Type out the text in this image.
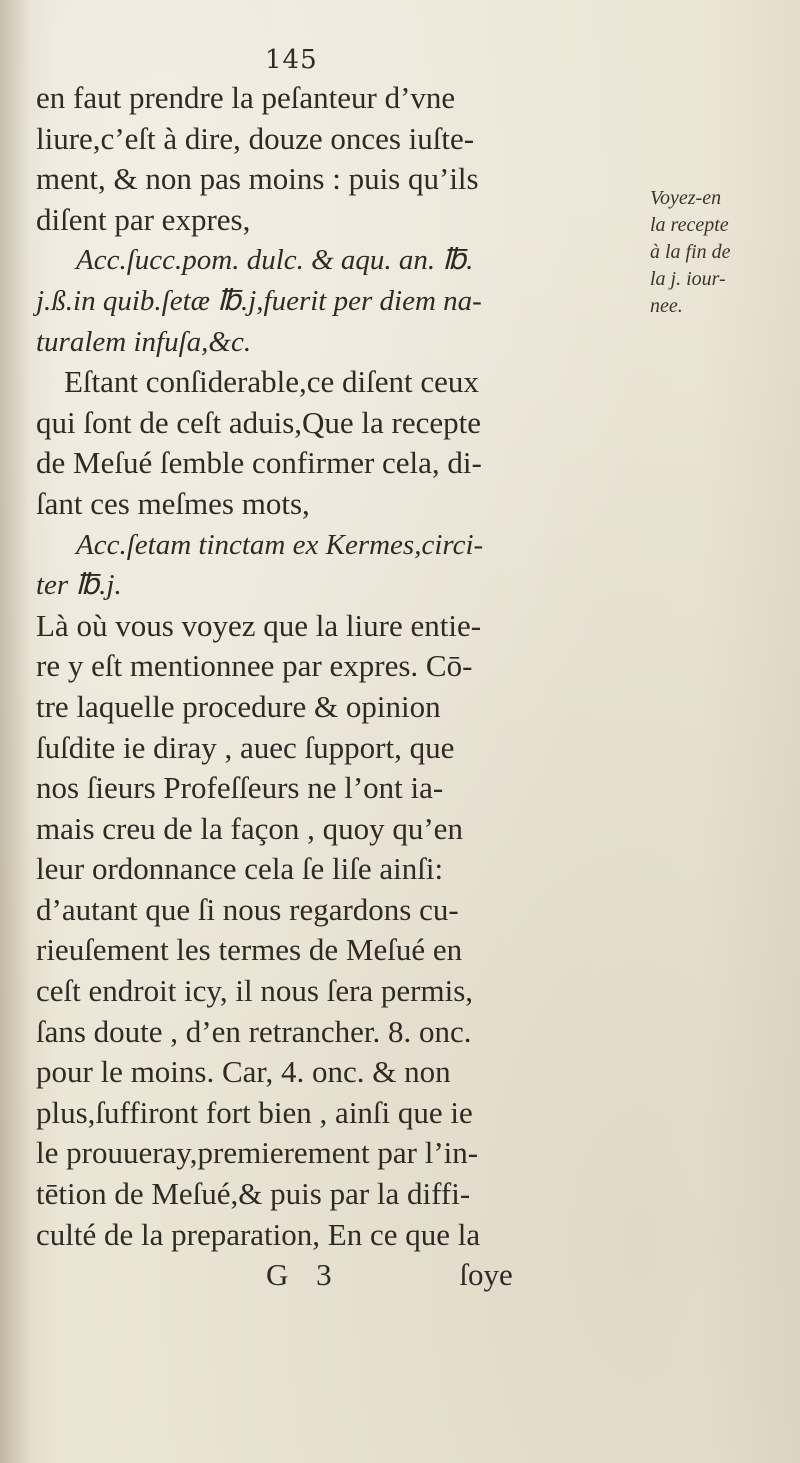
145
en faut prendre la peſanteur d’vne
liure,c’eſt à dire, douze onces iuſte-
ment, & non pas moins : puis qu’ils
diſent par expres,
Acc.ſucc.pom. dulc. & aqu. an. ℔.
j.ß.in quib.ſetæ ℔.j,fuerit per diem na-
turalem infuſa,&c.
Eſtant conſiderable,ce diſent ceux
qui ſont de ceſt aduis,Que la recepte
de Meſué ſemble confirmer cela, di-
ſant ces meſmes mots,
Acc.ſetam tinctam ex Kermes,circi-
ter ℔.j.
Là où vous voyez que la liure entie-
re y eſt mentionnee par expres. Cō-
tre laquelle procedure & opinion
ſuſdite ie diray , auec ſupport, que
nos ſieurs Profeſſeurs ne l’ont ia-
mais creu de la façon , quoy qu’en
leur ordonnance cela ſe liſe ainſi:
d’autant que ſi nous regardons cu-
rieuſement les termes de Meſué en
ceſt endroit icy, il nous ſera permis,
ſans doute , d’en retrancher. 8. onc.
pour le moins. Car, 4. onc. & non
plus,ſuffiront fort bien , ainſi que ie
le prouueray,premierement par l’in-
tētion de Meſué,& puis par la diffi-
culté de la preparation, En ce que la
G 3	ſoye
Voyez-en
la recepte
à la fin de
la j. iour-
nee.
